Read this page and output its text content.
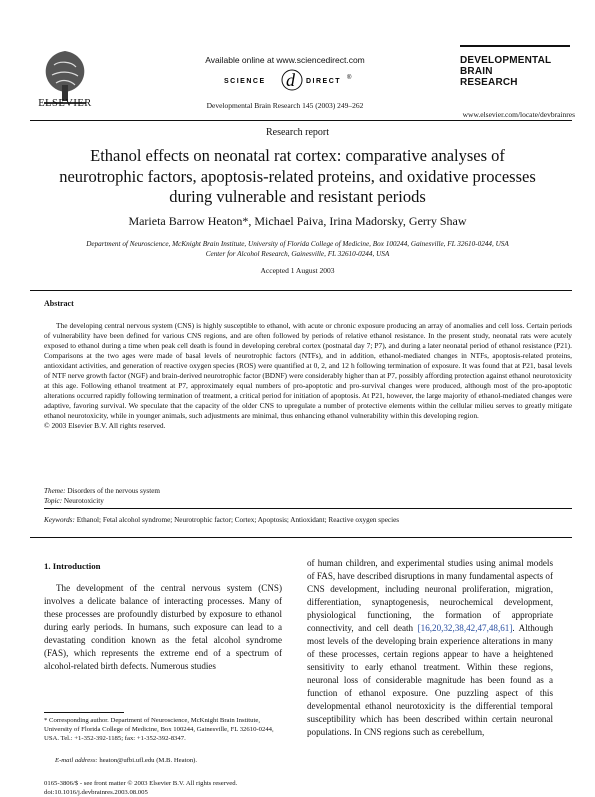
ELSEVIER
Available online at www.sciencedirect.com
SCIENCE d DIRECT ®
Developmental Brain Research 145 (2003) 249–262
DEVELOPMENTAL
BRAIN
RESEARCH
www.elsevier.com/locate/devbrainres
Research report
Ethanol effects on neonatal rat cortex: comparative analyses of neurotrophic factors, apoptosis-related proteins, and oxidative processes during vulnerable and resistant periods
Marieta Barrow Heaton*, Michael Paiva, Irina Madorsky, Gerry Shaw
Department of Neuroscience, McKnight Brain Institute, University of Florida College of Medicine, Box 100244, Gainesville, FL 32610-0244, USA
Center for Alcohol Research, Gainesville, FL 32610-0244, USA
Accepted 1 August 2003
Abstract

The developing central nervous system (CNS) is highly susceptible to ethanol, with acute or chronic exposure producing an array of anomalies and cell loss. Certain periods of vulnerability have been defined for various CNS regions, and are often followed by periods of relative ethanol resistance. In the present study, neonatal rats were acutely exposed to ethanol during a time when peak cell death is found in developing cerebral cortex (postnatal day 7; P7), and during a later neonatal period of ethanol resistance (P21). Comparisons at the two ages were made of basal levels of neurotrophic factors (NTFs), and in addition, ethanol-mediated changes in NTFs, apoptosis-related proteins, antioxidant activities, and generation of reactive oxygen species (ROS) were quantified at 0, 2, and 12 h following termination of exposure. It was found that at P21, basal levels of NTF nerve growth factor (NGF) and brain-derived neurotrophic factor (BDNF) were considerably higher than at P7, possibly affording protection against ethanol neurotoxicity at this age. Following ethanol treatment at P7, approximately equal numbers of pro-apoptotic and pro-survival changes were produced, although most of the pro-apoptotic alterations occurred rapidly following termination of treatment, a critical period for initiation of apoptosis. At P21, however, the large majority of ethanol-mediated changes were adaptive, favoring survival. We speculate that the capacity of the older CNS to upregulate a number of protective elements within the cellular milieu serves to greatly mitigate ethanol neurotoxicity, while in younger animals, such adjustments are minimal, thus enhancing ethanol vulnerability within this developing region.

© 2003 Elsevier B.V. All rights reserved.

Theme: Disorders of the nervous system
Topic: Neurotoxicity
Keywords: Ethanol; Fetal alcohol syndrome; Neurotrophic factor; Cortex; Apoptosis; Antioxidant; Reactive oxygen species
1. Introduction

The development of the central nervous system (CNS) involves a delicate balance of interacting processes. Many of these processes are profoundly disturbed by exposure to ethanol during early periods. In humans, such exposure can lead to a devastating condition known as the fetal alcohol syndrome (FAS), which represents the extreme end of a spectrum of alcohol-related birth defects. Numerous studies

of human children, and experimental studies using animal models of FAS, have described disruptions in many fundamental aspects of CNS development, including neuronal proliferation, migration, differentiation, synaptogenesis, neurochemical development, physiological functioning, the formation of appropriate connectivity, and cell death [16,20,32,38,42,47,48,61]. Although most levels of the developing brain experience alterations in many of these processes, certain regions appear to have a heightened sensitivity to early ethanol treatment. Within these regions, neuronal loss of considerable magnitude has been found as a function of ethanol exposure. One puzzling aspect of this developmental ethanol neurotoxicity is the differential temporal susceptibility which has been described within certain neuronal populations. In CNS regions such as cerebellum,

* Corresponding author. Department of Neuroscience, McKnight Brain Institute, University of Florida College of Medicine, Box 100244, Gainesville, FL 32610-0244, USA. Tel.: +1-352-392-1185; fax: +1-352-392-8347.

E-mail address: heaton@ufbi.ufl.edu (M.B. Heaton).
0165-3806/$ - see front matter © 2003 Elsevier B.V. All rights reserved.
doi:10.1016/j.devbrainres.2003.08.005
